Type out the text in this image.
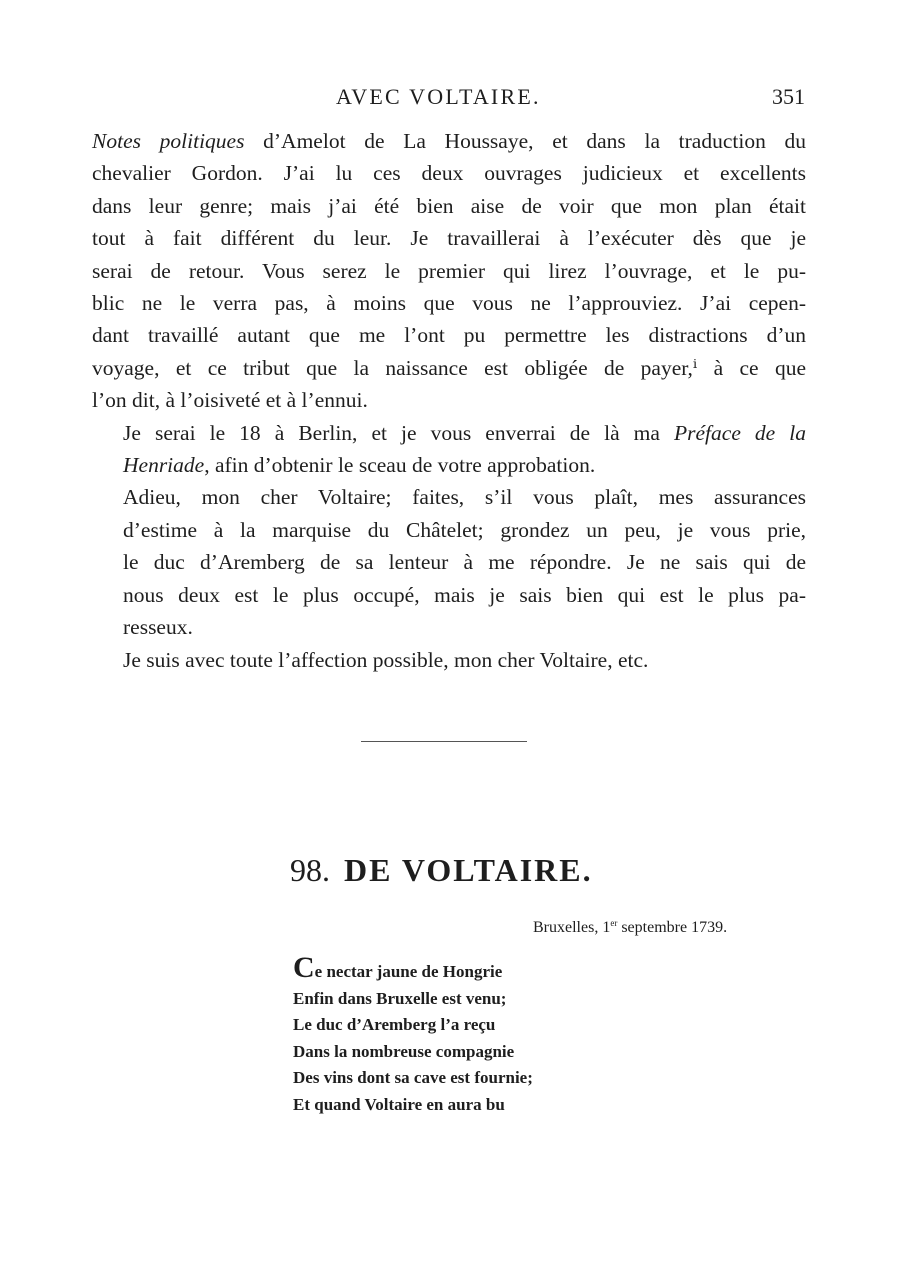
AVEC VOLTAIRE.	351

Notes politiques d’Amelot de La Houssaye, et dans la traduction du
chevalier Gordon. J’ai lu ces deux ouvrages judicieux et excellents
dans leur genre; mais j’ai été bien aise de voir que mon plan était
tout à fait différent du leur. Je travaillerai à l’exécuter dès que je
serai de retour. Vous serez le premier qui lirez l’ouvrage, et le pu-
blic ne le verra pas, à moins que vous ne l’approuviez. J’ai cepen-
dant travaillé autant que me l’ont pu permettre les distractions d’un
voyage, et ce tribut que la naissance est obligée de payer,ⁱ à ce que
l’on dit, à l’oisiveté et à l’ennui.

Je serai le 18 à Berlin, et je vous enverrai de là ma Préface de la
Henriade, afin d’obtenir le sceau de votre approbation.

Adieu, mon cher Voltaire; faites, s’il vous plaît, mes assurances
d’estime à la marquise du Châtelet; grondez un peu, je vous prie,
le duc d’Aremberg de sa lenteur à me répondre. Je ne sais qui de
nous deux est le plus occupé, mais je sais bien qui est le plus pa-
resseux.

Je suis avec toute l’affection possible, mon cher Voltaire, etc.

98. DE VOLTAIRE.
Bruxelles, 1er septembre 1739.
Ce nectar jaune de Hongrie
Enfin dans Bruxelle est venu;
Le duc d’Aremberg l’a reçu
Dans la nombreuse compagnie
Des vins dont sa cave est fournie;
Et quand Voltaire en aura bu
